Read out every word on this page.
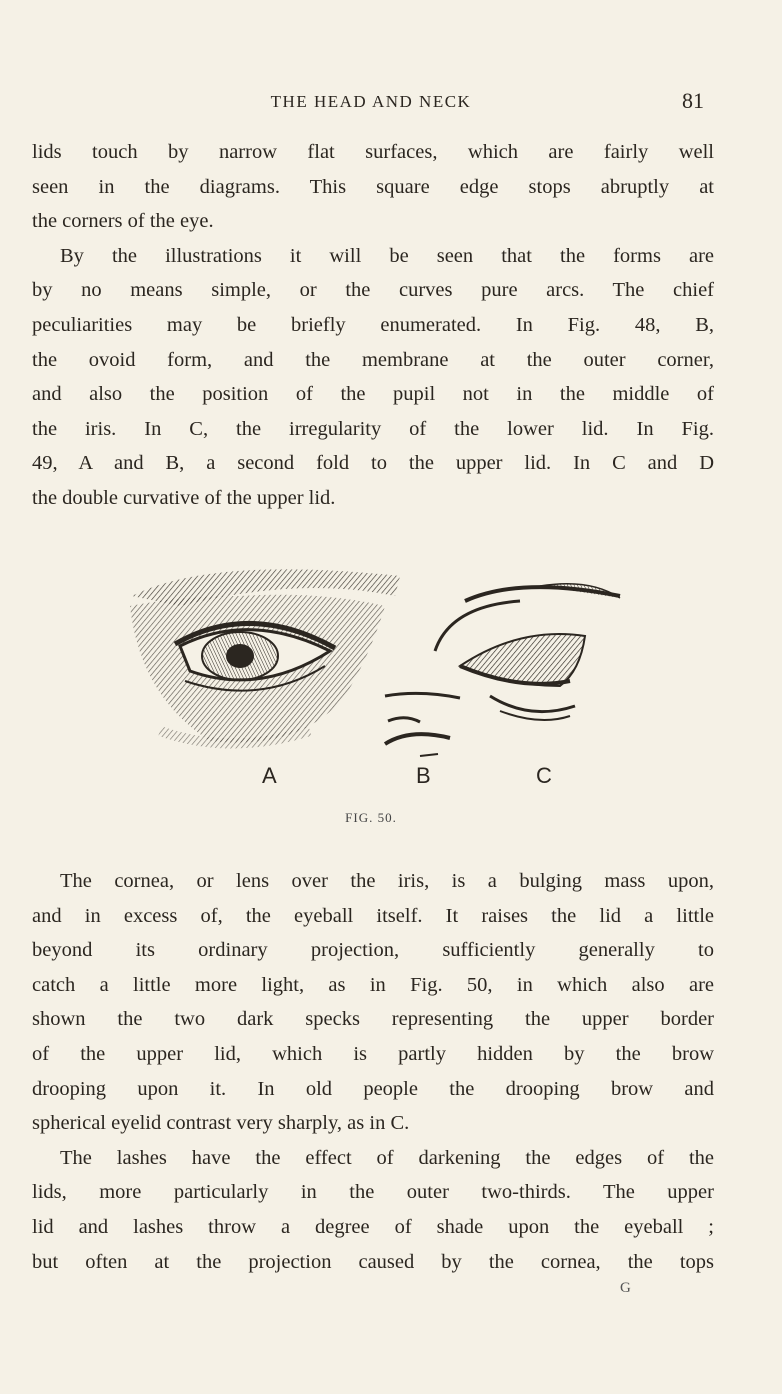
THE HEAD AND NECK	81
lids touch by narrow flat surfaces, which are fairly well
seen in the diagrams. This square edge stops abruptly at
the corners of the eye.
By the illustrations it will be seen that the forms are
by no means simple, or the curves pure arcs. The chief
peculiarities may be briefly enumerated. In Fig. 48, B,
the ovoid form, and the membrane at the outer corner,
and also the position of the pupil not in the middle of
the iris. In C, the irregularity of the lower lid. In Fig.
49, A and B, a second fold to the upper lid. In C and D
the double curvative of the upper lid.
A	B	C
FIG. 50.
The cornea, or lens over the iris, is a bulging mass upon,
and in excess of, the eyeball itself. It raises the lid a little
beyond its ordinary projection, sufficiently generally to
catch a little more light, as in Fig. 50, in which also are
shown the two dark specks representing the upper border
of the upper lid, which is partly hidden by the brow
drooping upon it. In old people the drooping brow and
spherical eyelid contrast very sharply, as in C.
The lashes have the effect of darkening the edges of the
lids, more particularly in the outer two-thirds. The upper
lid and lashes throw a degree of shade upon the eyeball ;
but often at the projection caused by the cornea, the tops
G
